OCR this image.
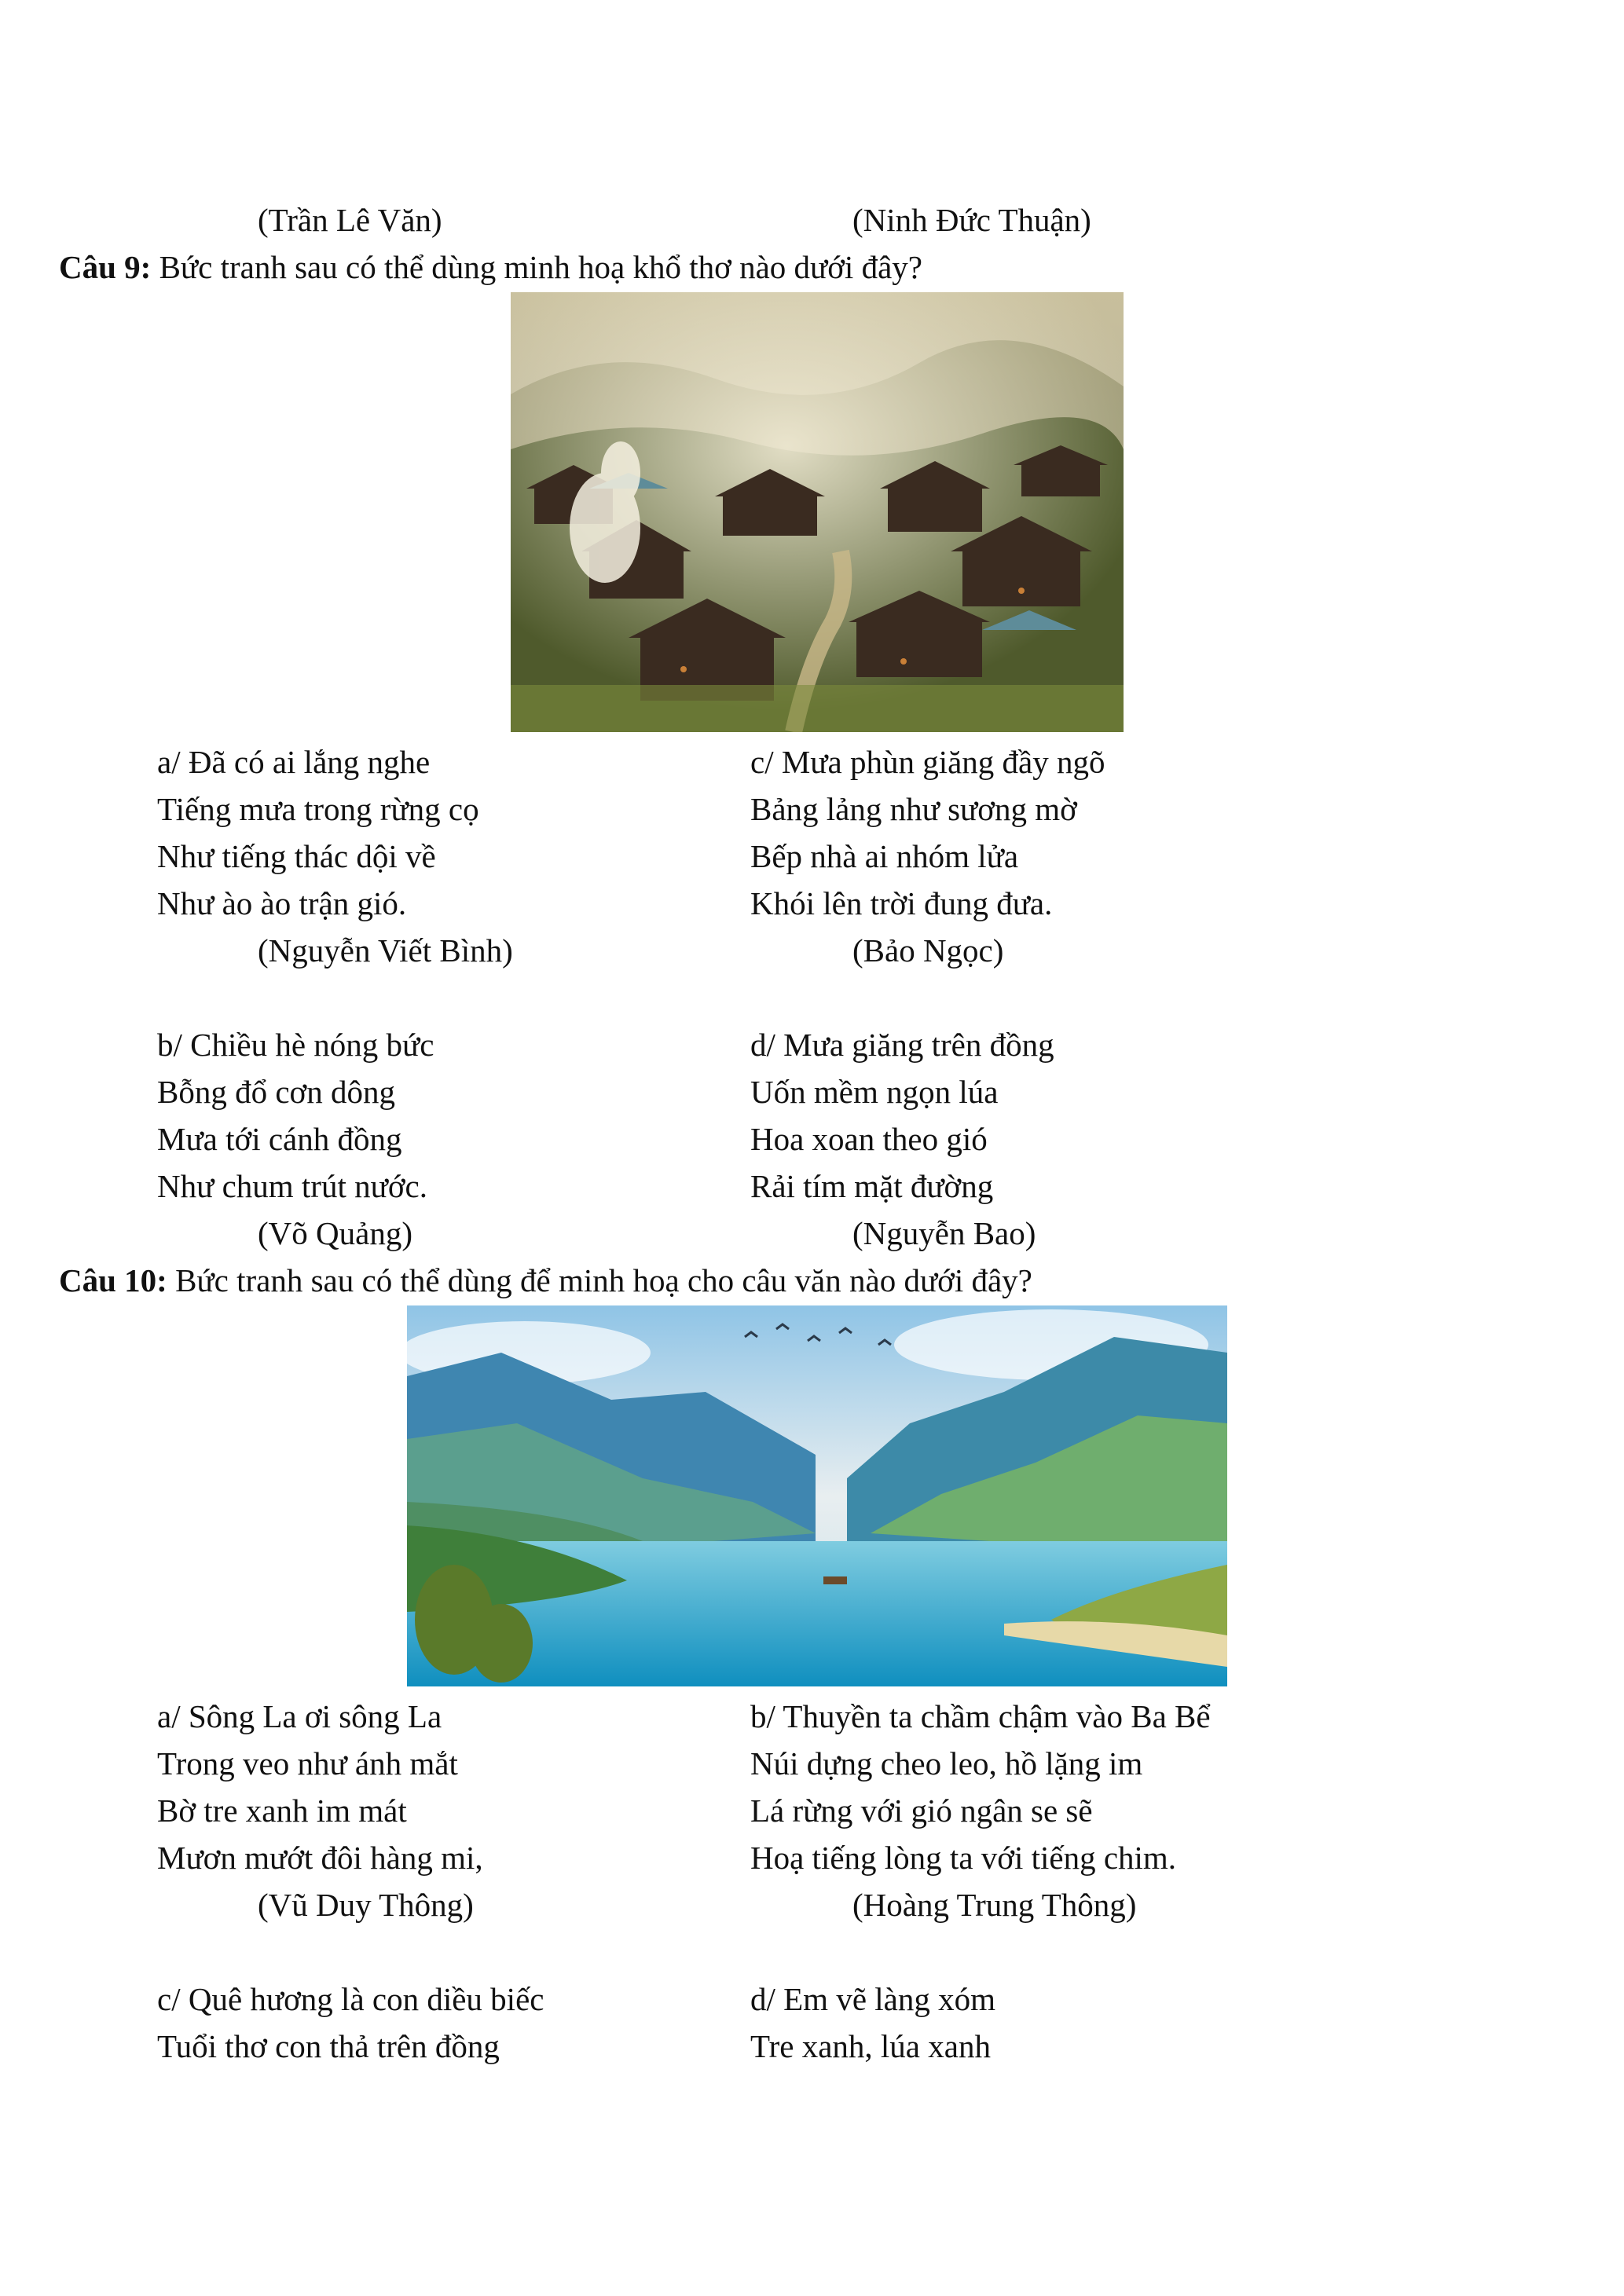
(Trần Lê Văn)	(Ninh Đức Thuận)
Câu 9: Bức tranh sau có thể dùng minh hoạ khổ thơ nào dưới đây?
a/ Đã có ai lắng nghe
Tiếng mưa trong rừng cọ
Như tiếng thác dội về
Như ào ào trận gió.
(Nguyễn Viết Bình)
c/ Mưa phùn giăng đầy ngõ
Bảng lảng như sương mờ
Bếp nhà ai nhóm lửa
Khói lên trời đung đưa.
(Bảo Ngọc)
b/ Chiều hè nóng bức
Bỗng đổ cơn dông
Mưa tới cánh đồng
Như chum trút nước.
(Võ Quảng)
d/ Mưa giăng trên đồng
Uốn mềm ngọn lúa
Hoa xoan theo gió
Rải tím mặt đường
(Nguyễn Bao)
Câu 10: Bức tranh sau có thể dùng để minh hoạ cho câu văn nào dưới đây?
a/ Sông La ơi sông La
Trong veo như ánh mắt
Bờ tre xanh im mát
Mươn mướt đôi hàng mi,
(Vũ Duy Thông)
b/ Thuyền ta chầm chậm vào Ba Bể
Núi dựng cheo leo, hồ lặng im
Lá rừng với gió ngân se sẽ
Hoạ tiếng lòng ta với tiếng chim.
(Hoàng Trung Thông)
c/ Quê hương là con diều biếc
Tuổi thơ con thả trên đồng
d/ Em vẽ làng xóm
Tre xanh, lúa xanh
